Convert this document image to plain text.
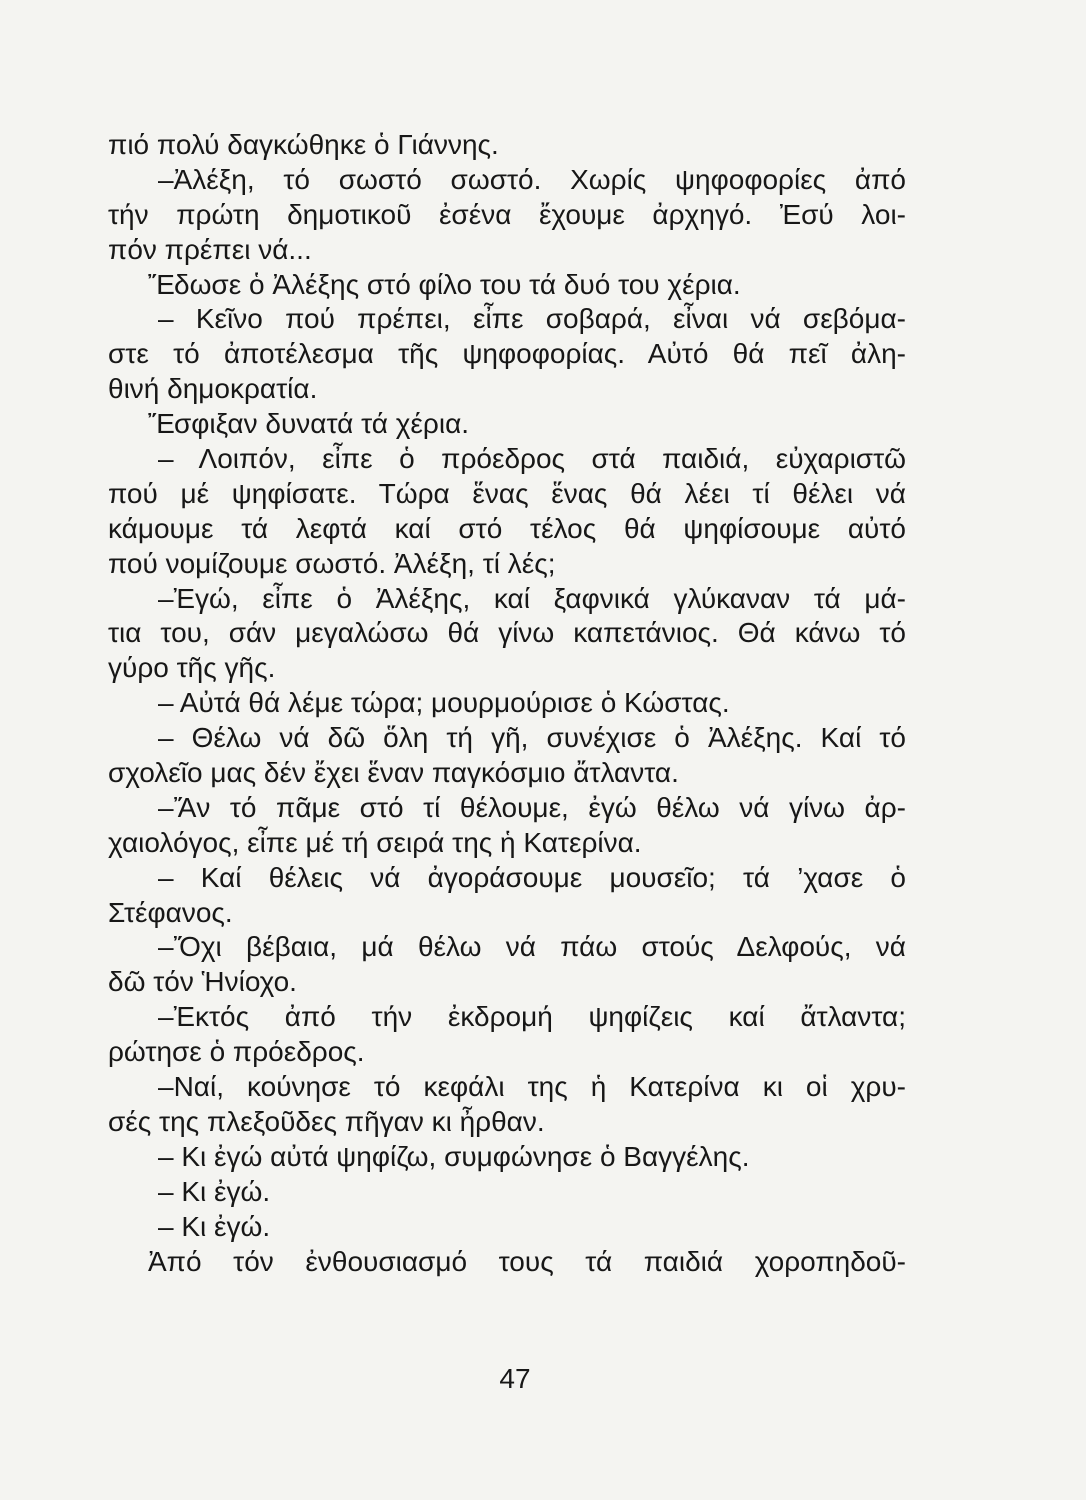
πιό πολύ δαγκώθηκε ὁ Γιάννης.
–Ἀλέξη, τό σωστό σωστό. Χωρίς ψηφοφορίες ἀπό
τήν πρώτη δημοτικοῦ ἐσένα ἔχουμε ἀρχηγό. Ἐσύ λοι-
πόν πρέπει νά...
Ἔδωσε ὁ Ἀλέξης στό φίλο του τά δυό του χέρια.
– Κεῖνο πού πρέπει, εἶπε σοβαρά, εἶναι νά σεβόμα-
στε τό ἀποτέλεσμα τῆς ψηφοφορίας. Αὐτό θά πεῖ ἀλη-
θινή δημοκρατία.
Ἔσφιξαν δυνατά τά χέρια.
– Λοιπόν, εἶπε ὁ πρόεδρος στά παιδιά, εὐχαριστῶ
πού μέ ψηφίσατε. Τώρα ἕνας ἕνας θά λέει τί θέλει νά
κάμουμε τά λεφτά καί στό τέλος θά ψηφίσουμε αὐτό
πού νομίζουμε σωστό. Ἀλέξη, τί λές;
–Ἐγώ, εἶπε ὁ Ἀλέξης, καί ξαφνικά γλύκαναν τά μά-
τια του, σάν μεγαλώσω θά γίνω καπετάνιος. Θά κάνω τό
γύρο τῆς γῆς.
– Αὐτά θά λέμε τώρα; μουρμούρισε ὁ Κώστας.
– Θέλω νά δῶ ὅλη τή γῆ, συνέχισε ὁ Ἀλέξης. Καί τό
σχολεῖο μας δέν ἔχει ἕναν παγκόσμιο ἄτλαντα.
–Ἄν τό πᾶμε στό τί θέλουμε, ἐγώ θέλω νά γίνω ἀρ-
χαιολόγος, εἶπε μέ τή σειρά της ἡ Κατερίνα.
– Καί θέλεις νά ἀγοράσουμε μουσεῖο; τά ’χασε ὁ
Στέφανος.
–Ὄχι βέβαια, μά θέλω νά πάω στούς Δελφούς, νά
δῶ τόν Ἡνίοχο.
–Ἐκτός ἀπό τήν ἐκδρομή ψηφίζεις καί ἄτλαντα;
ρώτησε ὁ πρόεδρος.
–Ναί, κούνησε τό κεφάλι της ἡ Κατερίνα κι οἱ χρυ-
σές της πλεξοῦδες πῆγαν κι ἦρθαν.
– Κι ἐγώ αὐτά ψηφίζω, συμφώνησε ὁ Βαγγέλης.
– Κι ἐγώ.
– Κι ἐγώ.
Ἀπό τόν ἐνθουσιασμό τους τά παιδιά χοροπηδοῦ-
47
